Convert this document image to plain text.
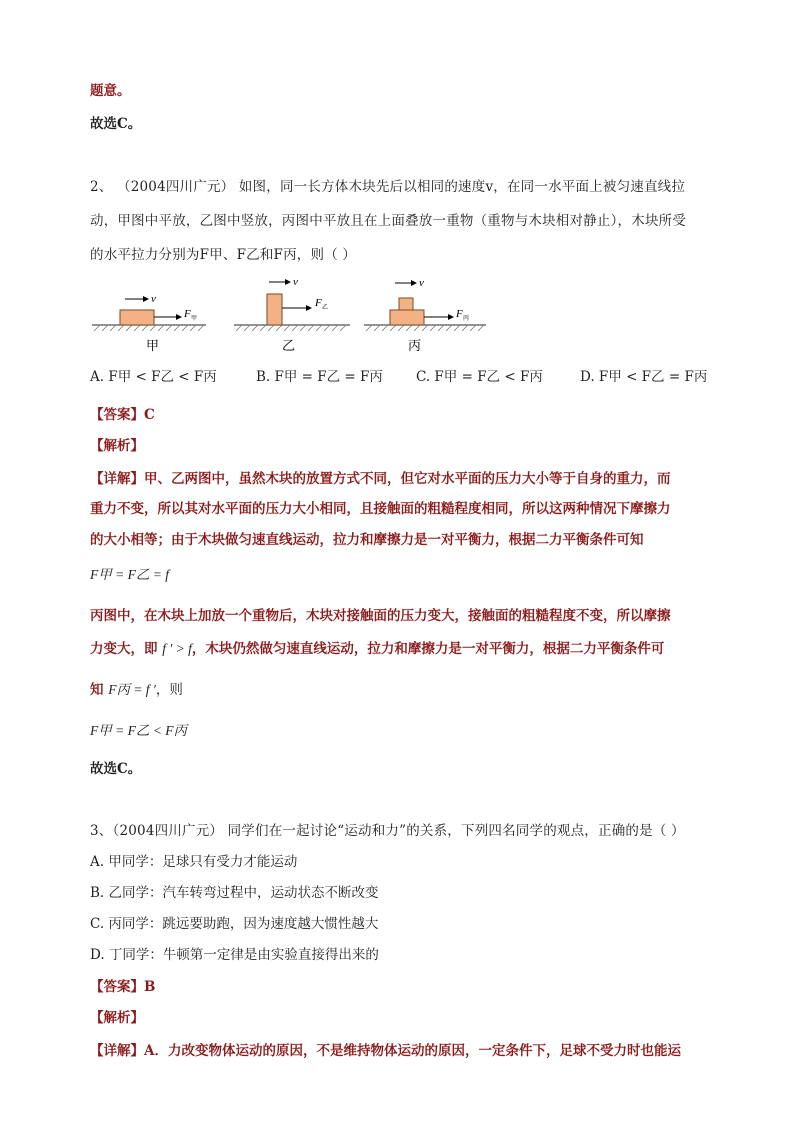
题意。
故选C。
2、 （2004四川广元） 如图，同一长方体木块先后以相同的速度v，在同一水平面上被匀速直线拉
动，甲图中平放，乙图中竖放，丙图中平放且在上面叠放一重物（重物与木块相对静止），木块所受
的水平拉力分别为F甲、F乙和F丙，则（ ）
v
F 甲
甲
v
F 乙
乙
v
F 丙
丙
A. F甲 < F乙 < F丙	B. F甲 = F乙 = F丙 C. F甲 = F乙 < F丙	D. F甲 < F乙 = F丙
【答案】C
【解析】
【详解】甲、乙两图中，虽然木块的放置方式不同，但它对水平面的压力大小等于自身的重力，而
重力不变，所以其对水平面的压力大小相同，且接触面的粗糙程度相同，所以这两种情况下摩擦力
的大小相等；由于木块做匀速直线运动，拉力和摩擦力是一对平衡力，根据二力平衡条件可知
F甲 = F乙 = f
丙图中，在木块上加放一个重物后，木块对接触面的压力变大，接触面的粗糙程度不变，所以摩擦
力变大，即 f ′ > f，木块仍然做匀速直线运动，拉力和摩擦力是一对平衡力，根据二力平衡条件可
知 F丙 = f ′，则
F甲 = F乙 < F丙
故选C。
3、（2004四川广元） 同学们在一起讨论“运动和力”的关系，下列四名同学的观点，正确的是（ ）
A. 甲同学：足球只有受力才能运动
B. 乙同学：汽车转弯过程中，运动状态不断改变
C. 丙同学：跳远要助跑，因为速度越大惯性越大
D. 丁同学：牛顿第一定律是由实验直接得出来的
【答案】B
【解析】
【详解】A．力改变物体运动的原因，不是维持物体运动的原因，一定条件下，足球不受力时也能运
